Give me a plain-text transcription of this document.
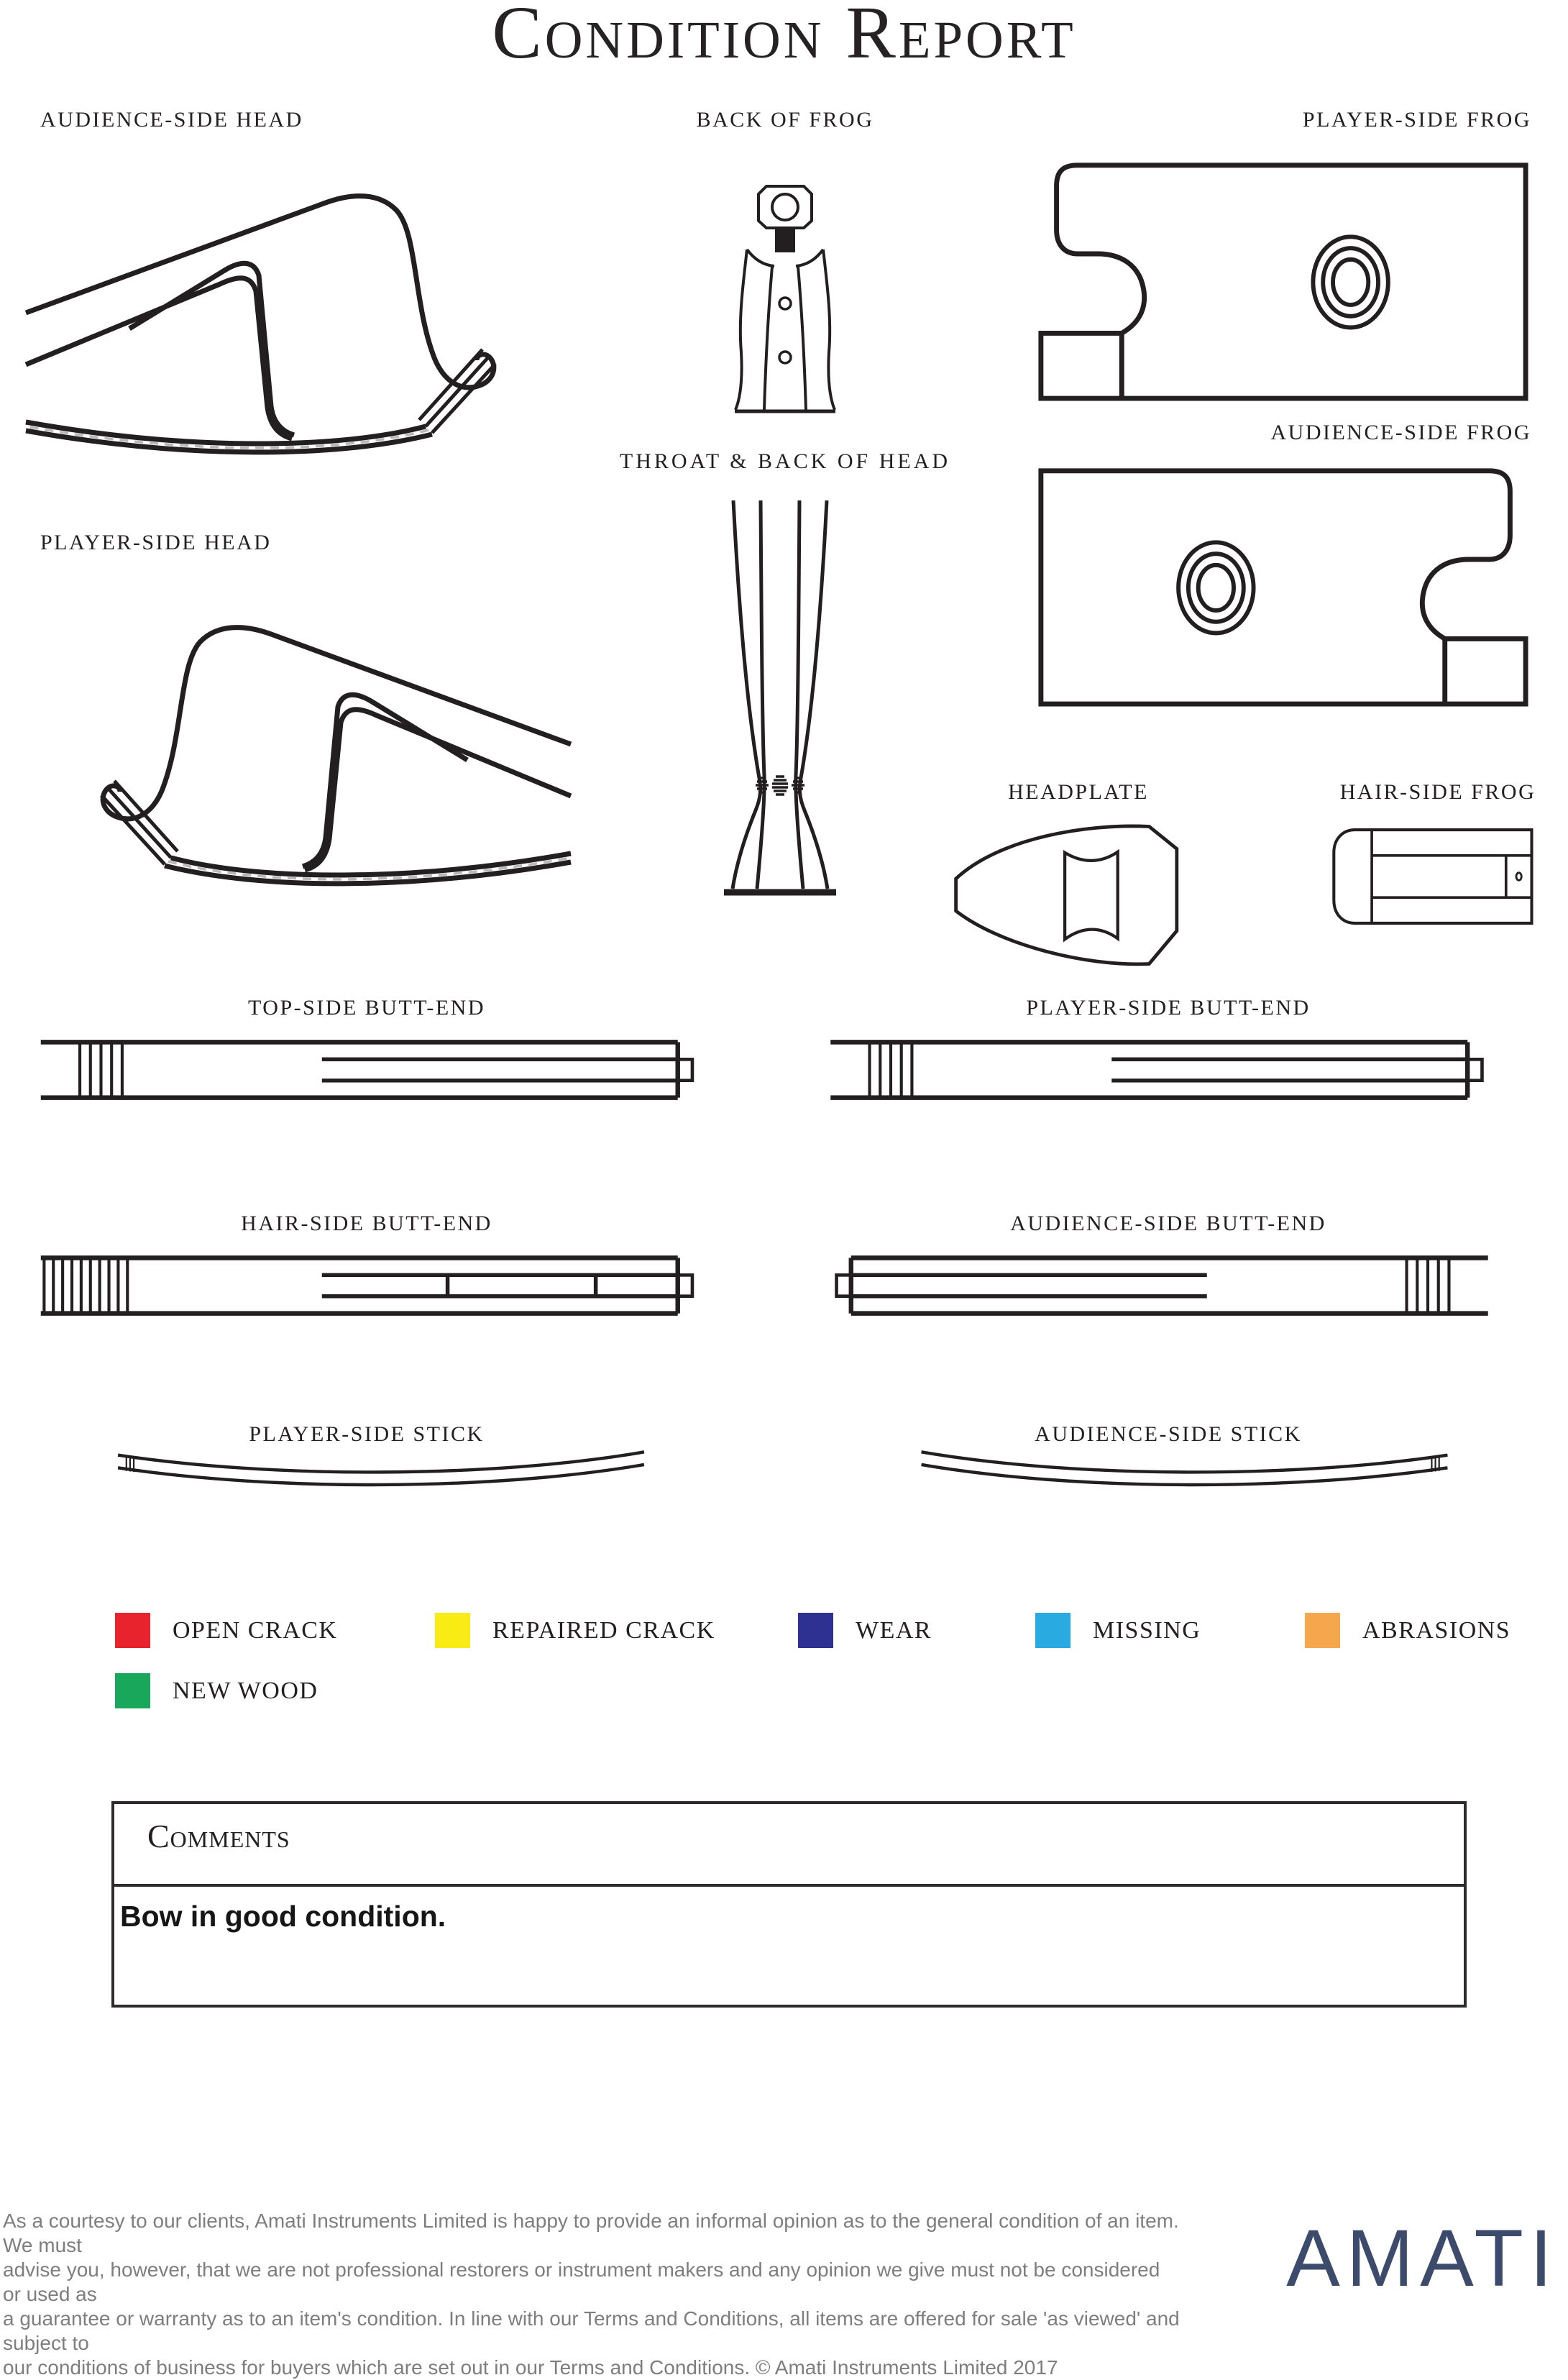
Condition Report
AUDIENCE-SIDE HEAD	BACK OF FROG	PLAYER-SIDE FROG
AUDIENCE-SIDE FROG
THROAT & BACK OF HEAD
PLAYER-SIDE HEAD
HEADPLATE	HAIR-SIDE FROG
TOP-SIDE BUTT-END	PLAYER-SIDE BUTT-END
HAIR-SIDE BUTT-END	AUDIENCE-SIDE BUTT-END
PLAYER-SIDE STICK	AUDIENCE-SIDE STICK
OPEN CRACK	REPAIRED CRACK	WEAR	MISSING	ABRASIONS
NEW WOOD
Comments
Bow in good condition.
As a courtesy to our clients, Amati Instruments Limited is happy to provide an informal opinion as to the general condition of an item. We must
advise you, however, that we are not professional restorers or instrument makers and any opinion we give must not be considered or used as
a guarantee or warranty as to an item's condition. In line with our Terms and Conditions, all items are offered for sale 'as viewed' and subject to
our conditions of business for buyers which are set out in our Terms and Conditions. © Amati Instruments Limited 2017
AMATI
